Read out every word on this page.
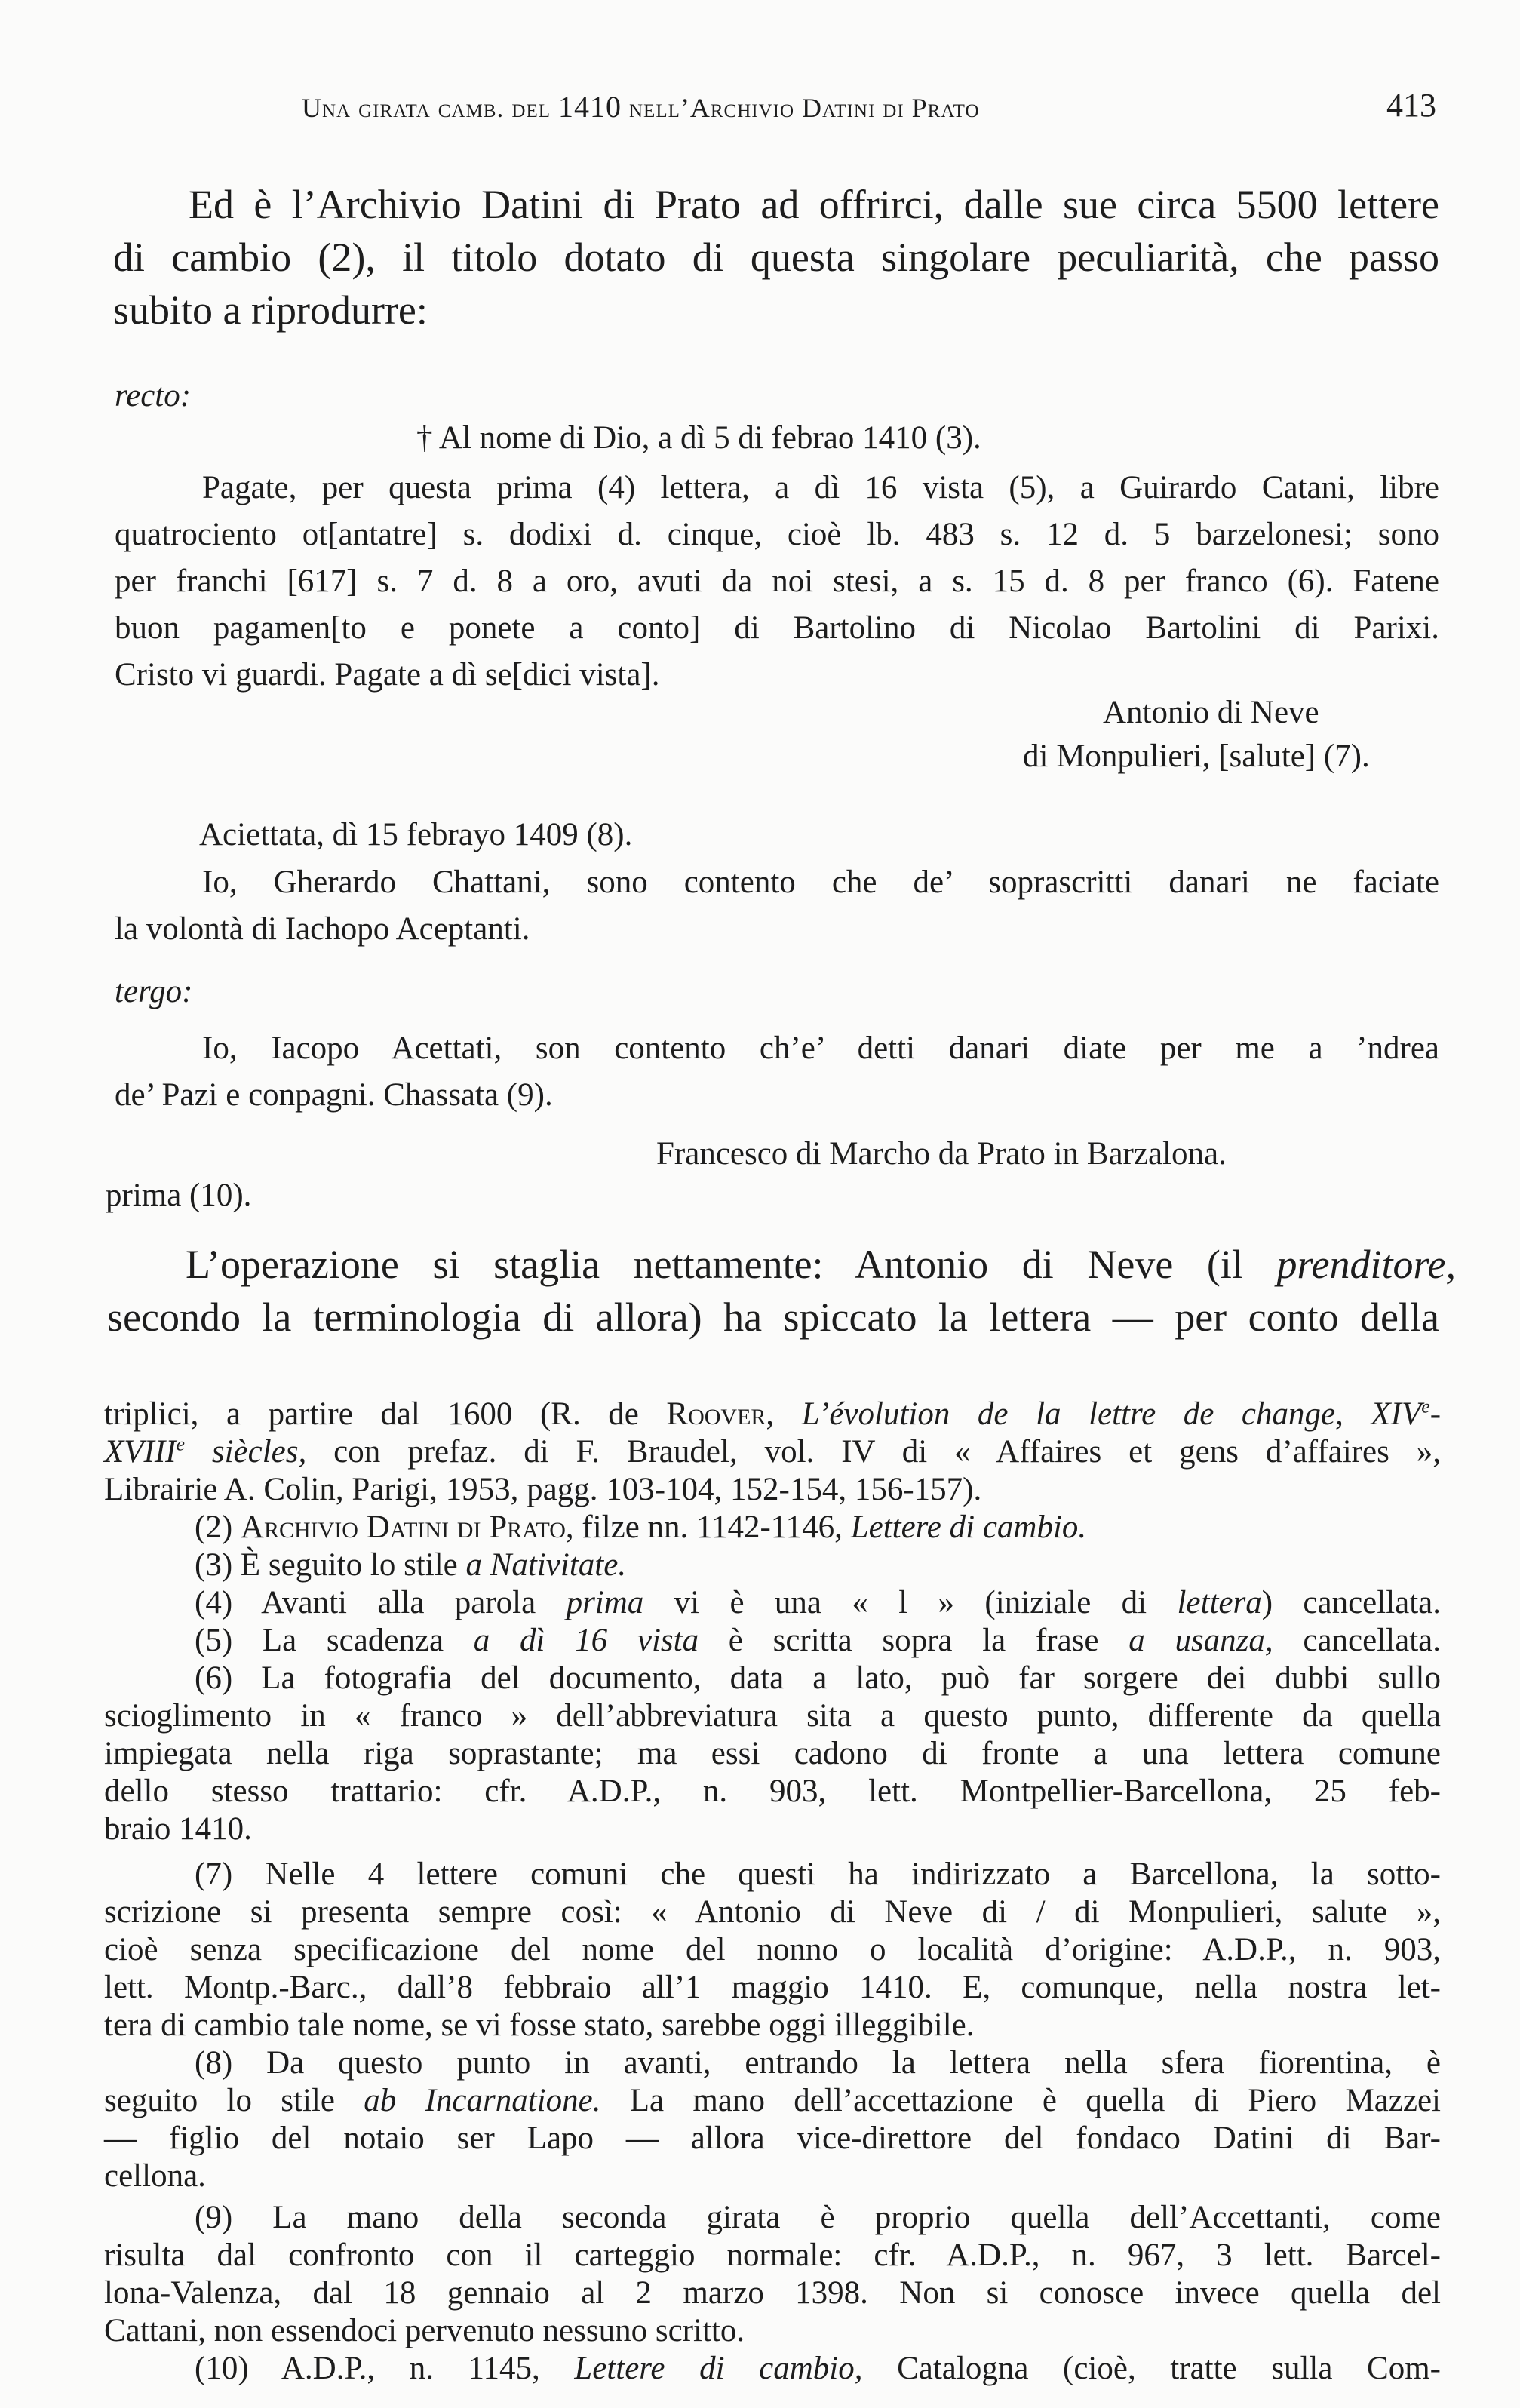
Una girata camb. del 1410 nell’Archivio Datini di Prato	413
Ed è l’Archivio Datini di Prato ad offrirci, dalle sue circa 5500 lettere
di cambio (2), il titolo dotato di questa singolare peculiarità, che passo
subito a riprodurre:
recto:
† Al nome di Dio, a dì 5 di febrao 1410 (3).
Pagate, per questa prima (4) lettera, a dì 16 vista (5), a Guirardo Catani, libre
quatrociento ot[antatre] s. dodixi d. cinque, cioè lb. 483 s. 12 d. 5 barzelonesi; sono
per franchi [617] s. 7 d. 8 a oro, avuti da noi stesi, a s. 15 d. 8 per franco (6). Fatene
buon pagamen[to e ponete a conto] di Bartolino di Nicolao Bartolini di Parixi.
Cristo vi guardi. Pagate a dì se[dici vista].
Antonio di Neve
di Monpulieri, [salute] (7).
Aciettata, dì 15 febrayo 1409 (8).
Io, Gherardo Chattani, sono contento che de’ soprascritti danari ne faciate
la volontà di Iachopo Aceptanti.
tergo:
Io, Iacopo Acettati, son contento ch’e’ detti danari diate per me a ’ndrea
de’ Pazi e conpagni. Chassata (9).
Francesco di Marcho da Prato in Barzalona.
prima (10).
L’operazione si staglia nettamente: Antonio di Neve (il prenditore,
secondo la terminologia di allora) ha spiccato la lettera — per conto della
triplici, a partire dal 1600 (R. de Roover, L’évolution de la lettre de change, XIVe-
XVIIIe siècles, con prefaz. di F. Braudel, vol. IV di « Affaires et gens d’affaires »,
Librairie A. Colin, Parigi, 1953, pagg. 103-104, 152-154, 156-157).
(2) Archivio Datini di Prato, filze nn. 1142-1146, Lettere di cambio.
(3) È seguito lo stile a Nativitate.
(4) Avanti alla parola prima vi è una « l » (iniziale di lettera) cancellata.
(5) La scadenza a dì 16 vista è scritta sopra la frase a usanza, cancellata.
(6) La fotografia del documento, data a lato, può far sorgere dei dubbi sullo
scioglimento in « franco » dell’abbreviatura sita a questo punto, differente da quella
impiegata nella riga soprastante; ma essi cadono di fronte a una lettera comune
dello stesso trattario: cfr. A.D.P., n. 903, lett. Montpellier-Barcellona, 25 feb-
braio 1410.
(7) Nelle 4 lettere comuni che questi ha indirizzato a Barcellona, la sotto-
scrizione si presenta sempre così: « Antonio di Neve di / di Monpulieri, salute »,
cioè senza specificazione del nome del nonno o località d’origine: A.D.P., n. 903,
lett. Montp.-Barc., dall’8 febbraio all’1 maggio 1410. E, comunque, nella nostra let-
tera di cambio tale nome, se vi fosse stato, sarebbe oggi illeggibile.
(8) Da questo punto in avanti, entrando la lettera nella sfera fiorentina, è
seguito lo stile ab Incarnatione. La mano dell’accettazione è quella di Piero Mazzei
— figlio del notaio ser Lapo — allora vice-direttore del fondaco Datini di Bar-
cellona.
(9) La mano della seconda girata è proprio quella dell’Accettanti, come
risulta dal confronto con il carteggio normale: cfr. A.D.P., n. 967, 3 lett. Barcel-
lona-Valenza, dal 18 gennaio al 2 marzo 1398. Non si conosce invece quella del
Cattani, non essendoci pervenuto nessuno scritto.
(10) A.D.P., n. 1145, Lettere di cambio, Catalogna (cioè, tratte sulla Com-
